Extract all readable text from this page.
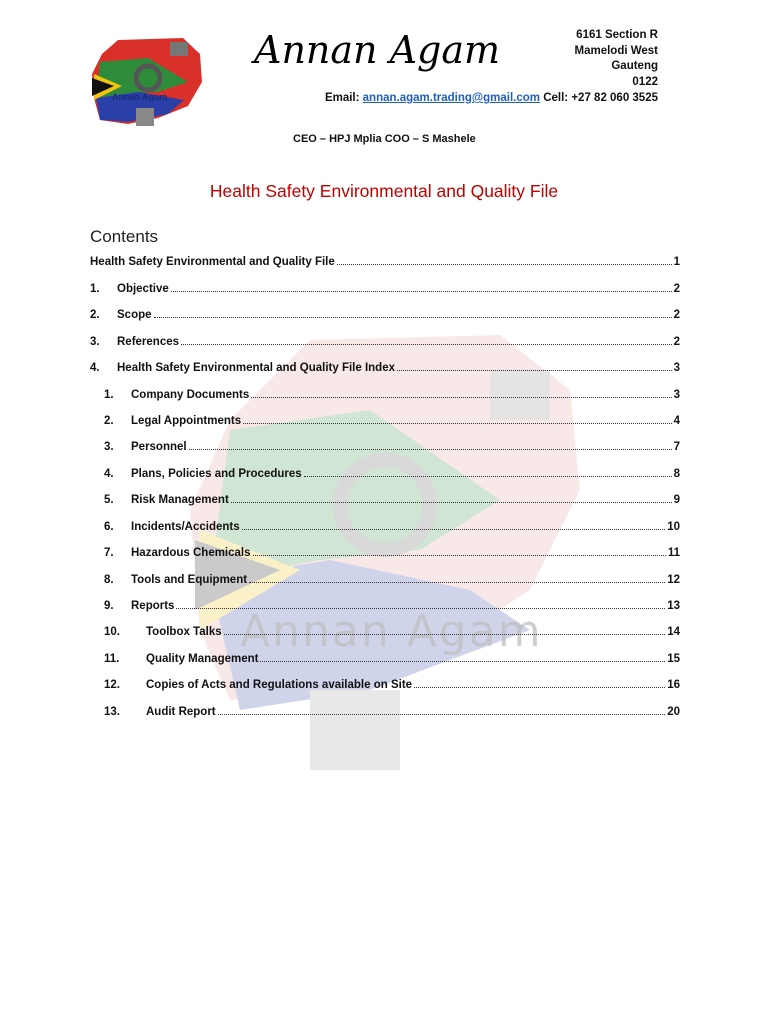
Annan Agam
Annan Agam
Annan Agam	6161 Section R
Mamelodi West
Gauteng
0122
Email: annan.agam.trading@gmail.com Cell: +27 82 060 3525
CEO – HPJ Mplia COO – S Mashele
Health Safety Environmental and Quality File
Contents
Health Safety Environmental and Quality File	1
1.	Objective	2
2.	Scope	2
3.	References	2
4.	Health Safety Environmental and Quality File Index	3
1.	Company Documents	3
2.	Legal Appointments	4
3.	Personnel	7
4.	Plans, Policies and Procedures	8
5.	Risk Management	9
6.	Incidents/Accidents	10
7.	Hazardous Chemicals	11
8.	Tools and Equipment	12
9.	Reports	13
10.	Toolbox Talks	14
11.	Quality Management	15
12.	Copies of Acts and Regulations available on Site	16
13.	Audit Report	20
